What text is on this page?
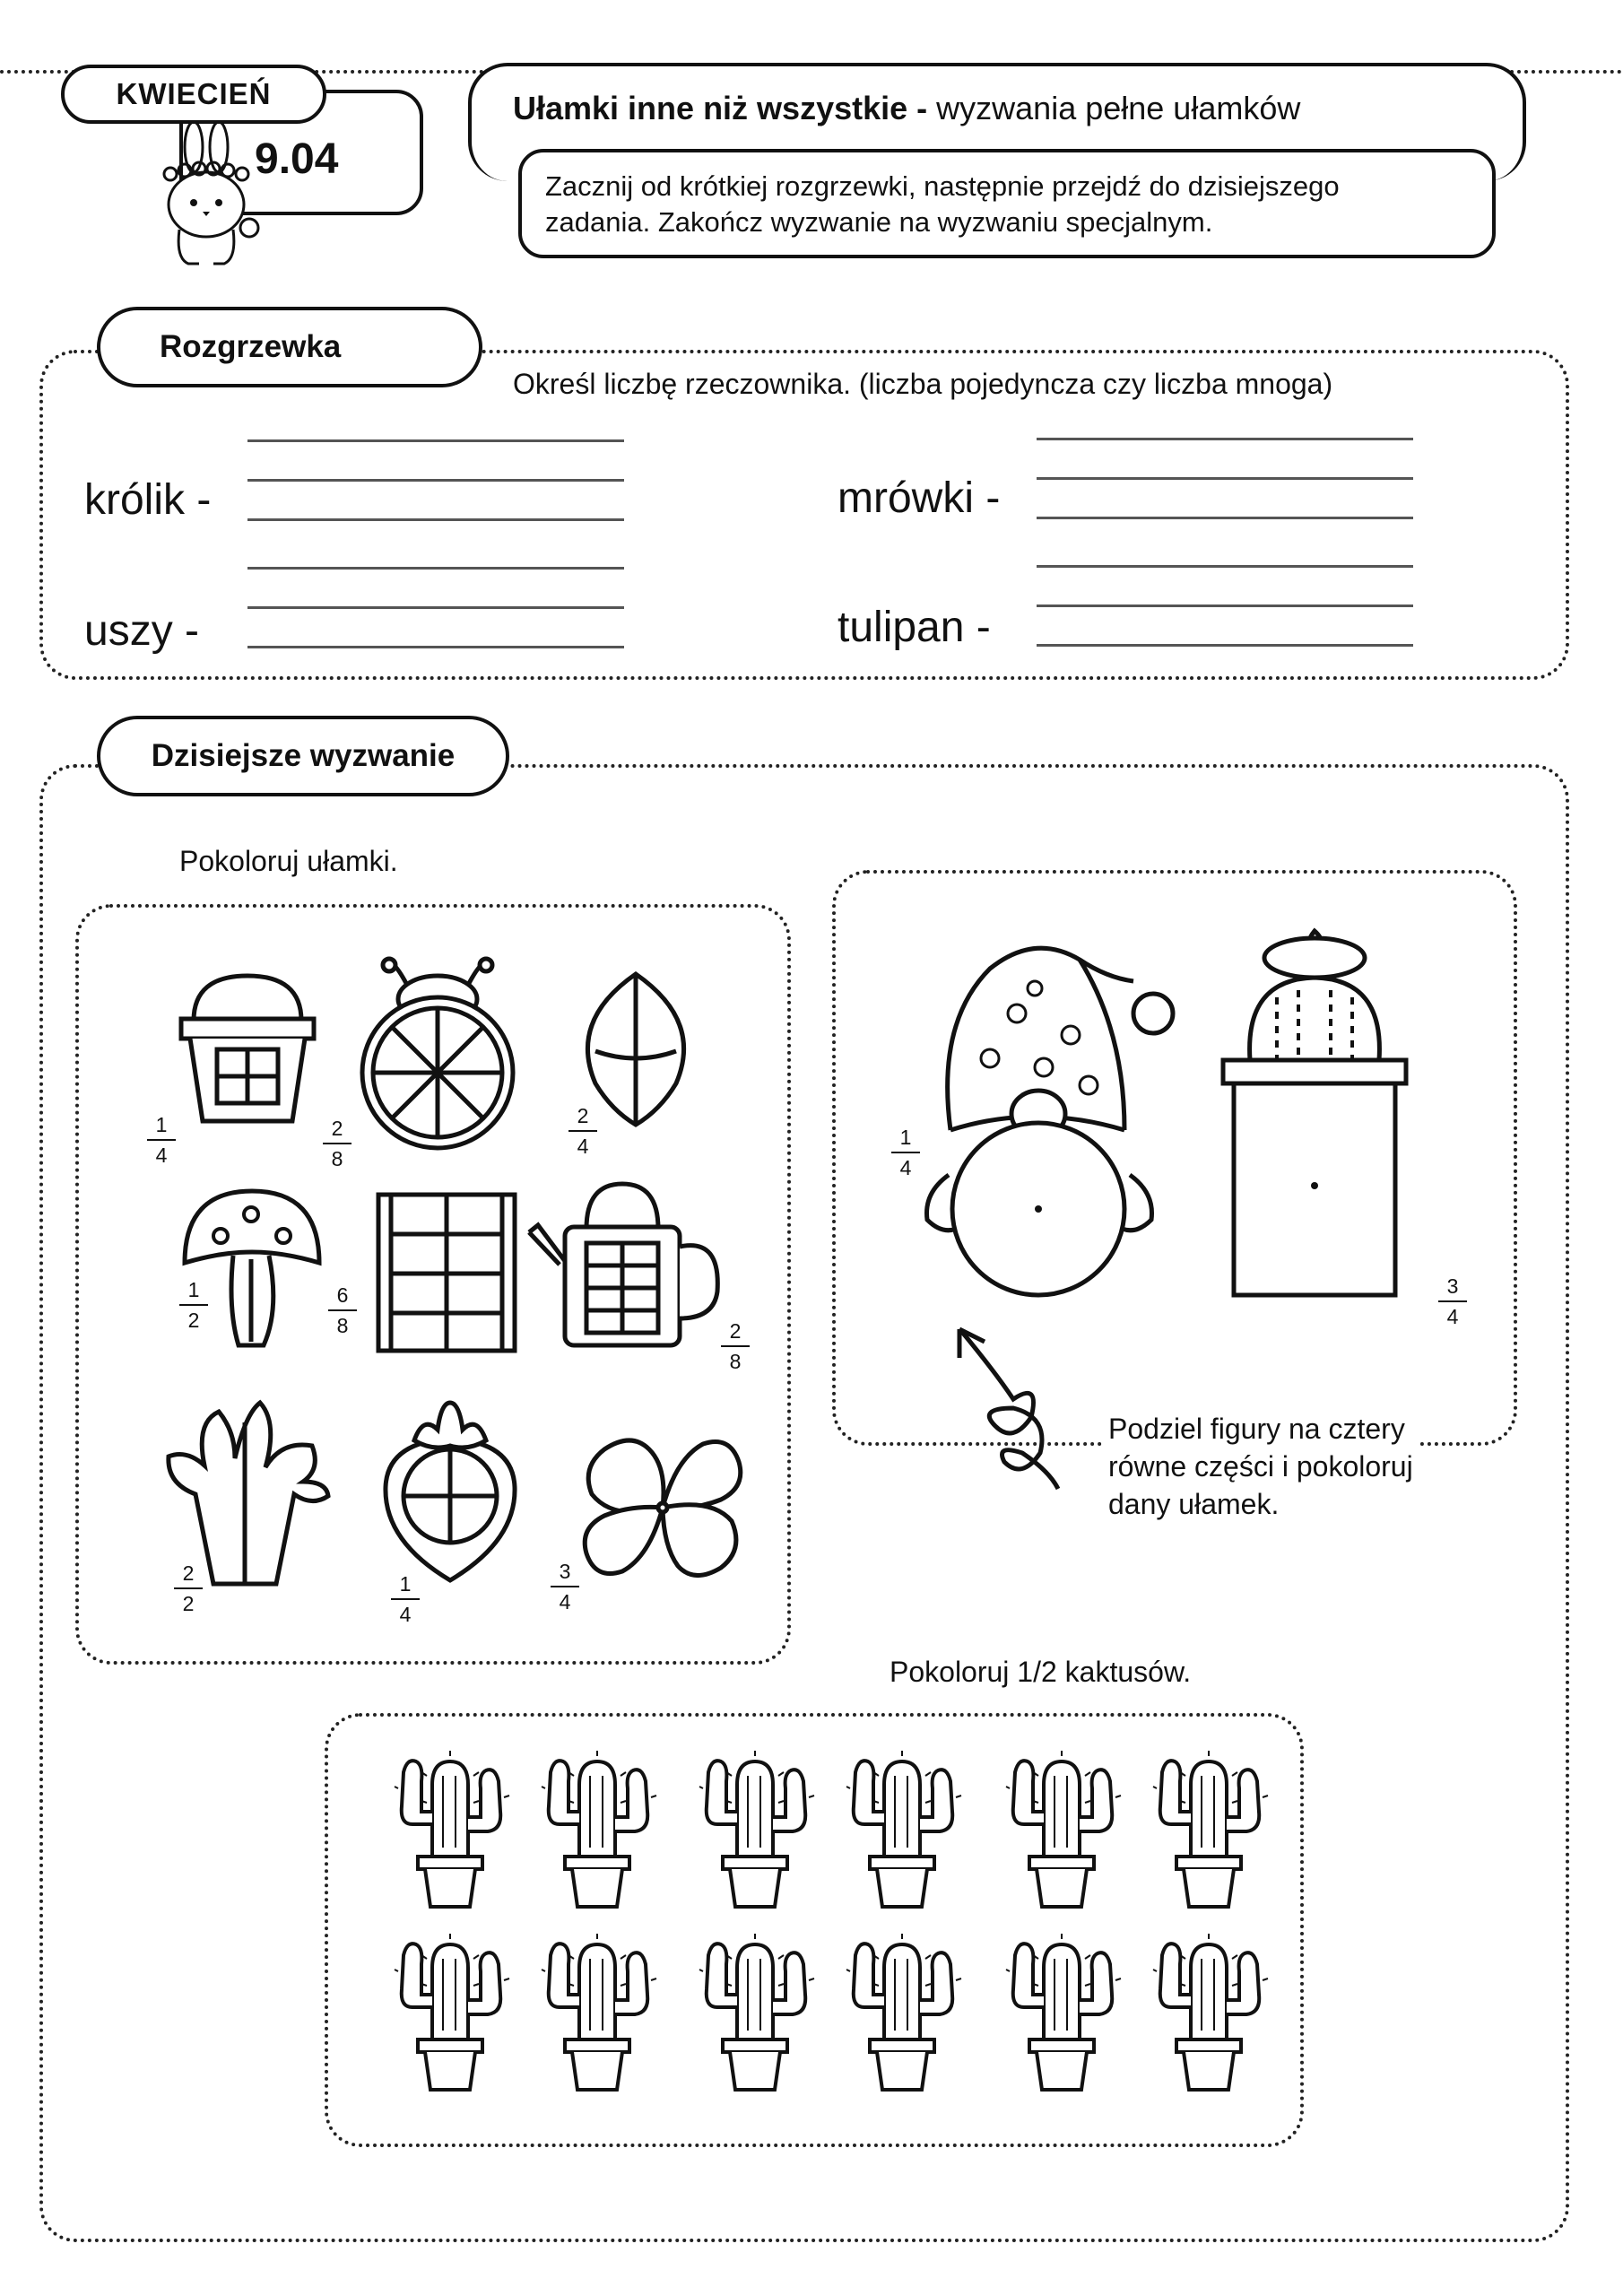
KWIECIEŃ
9.04
Ułamki inne niż wszystkie - wyzwania pełne ułamków
Zacznij od krótkiej rozgrzewki, następnie przejdź do dzisiejszego
zadania. Zakończ wyzwanie na wyzwaniu specjalnym.
Rozgrzewka
Określ liczbę rzeczownika. (liczba pojedyncza czy liczba mnoga)
królik -	mrówki -
uszy -	tulipan -
Dzisiejsze wyzwanie
Pokoloruj ułamki.
1
4
2
8
2
4
1
2
6
8	2
8
2
2
1
4
3
4
1
4
3
4
Podziel figury na cztery
równe części i pokoloruj
dany ułamek.
Pokoloruj 1/2 kaktusów.
